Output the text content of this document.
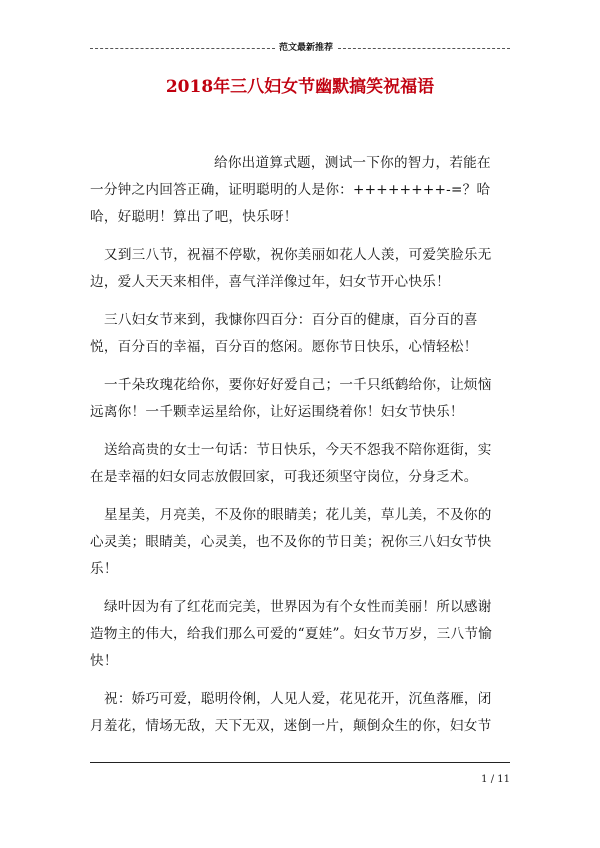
范文最新推荐
2018年三八妇女节幽默搞笑祝福语

给你出道算式题，测试一下你的智力，若能在一分钟之内回答正确，证明聪明的人是你：++++++++-=？哈哈，好聪明！算出了吧，快乐呀！

又到三八节，祝福不停歇，祝你美丽如花人人羡，可爱笑脸乐无边，爱人天天来相伴，喜气洋洋像过年，妇女节开心快乐！

三八妇女节来到，我慷你四百分：百分百的健康，百分百的喜悦，百分百的幸福，百分百的悠闲。愿你节日快乐，心情轻松！

一千朵玫瑰花给你，要你好好爱自己；一千只纸鹤给你，让烦恼远离你！一千颗幸运星给你，让好运围绕着你！妇女节快乐！

送给高贵的女士一句话：节日快乐，今天不怨我不陪你逛街，实在是幸福的妇女同志放假回家，可我还须坚守岗位，分身乏术。

星星美，月亮美，不及你的眼睛美；花儿美，草儿美，不及你的心灵美；眼睛美，心灵美，也不及你的节日美；祝你三八妇女节快乐！

绿叶因为有了红花而完美，世界因为有个女性而美丽！所以感谢造物主的伟大，给我们那么可爱的“夏娃”。妇女节万岁，三八节愉快！

祝：娇巧可爱，聪明伶俐，人见人爱，花见花开，沉鱼落雁，闭月羞花，情场无敌，天下无双，迷倒一片，颠倒众生的你，妇女节

1 / 11
